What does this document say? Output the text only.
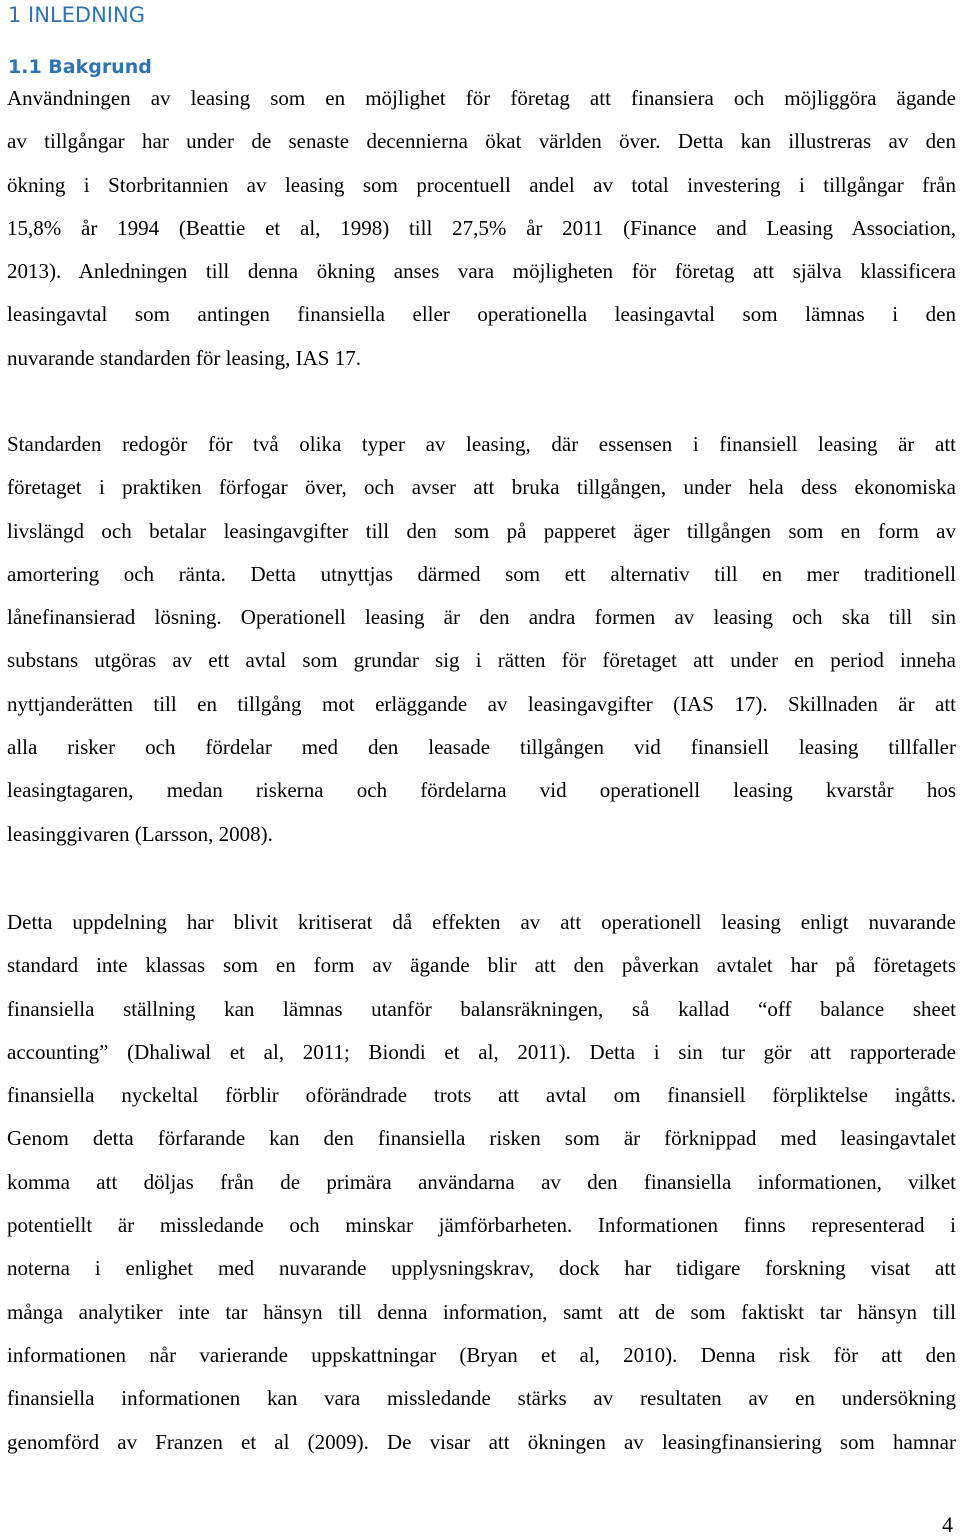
1 INLEDNING
1.1 Bakgrund
Användningen av leasing som en möjlighet för företag att finansiera och möjliggöra ägande
av tillgångar har under de senaste decennierna ökat världen över. Detta kan illustreras av den
ökning i Storbritannien av leasing som procentuell andel av total investering i tillgångar från
15,8% år 1994 (Beattie et al, 1998) till 27,5% år 2011 (Finance and Leasing Association,
2013). Anledningen till denna ökning anses vara möjligheten för företag att själva klassificera
leasingavtal som antingen finansiella eller operationella leasingavtal som lämnas i den
nuvarande standarden för leasing, IAS 17.
Standarden redogör för två olika typer av leasing, där essensen i finansiell leasing är att
företaget i praktiken förfogar över, och avser att bruka tillgången, under hela dess ekonomiska
livslängd och betalar leasingavgifter till den som på papperet äger tillgången som en form av
amortering och ränta. Detta utnyttjas därmed som ett alternativ till en mer traditionell
lånefinansierad lösning. Operationell leasing är den andra formen av leasing och ska till sin
substans utgöras av ett avtal som grundar sig i rätten för företaget att under en period inneha
nyttjanderätten till en tillgång mot erläggande av leasingavgifter (IAS 17). Skillnaden är att
alla risker och fördelar med den leasade tillgången vid finansiell leasing tillfaller
leasingtagaren, medan riskerna och fördelarna vid operationell leasing kvarstår hos
leasinggivaren (Larsson, 2008).
Detta uppdelning har blivit kritiserat då effekten av att operationell leasing enligt nuvarande
standard inte klassas som en form av ägande blir att den påverkan avtalet har på företagets
finansiella ställning kan lämnas utanför balansräkningen, så kallad “off balance sheet
accounting” (Dhaliwal et al, 2011; Biondi et al, 2011). Detta i sin tur gör att rapporterade
finansiella nyckeltal förblir oförändrade trots att avtal om finansiell förpliktelse ingåtts.
Genom detta förfarande kan den finansiella risken som är förknippad med leasingavtalet
komma att döljas från de primära användarna av den finansiella informationen, vilket
potentiellt är missledande och minskar jämförbarheten. Informationen finns representerad i
noterna i enlighet med nuvarande upplysningskrav, dock har tidigare forskning visat att
många analytiker inte tar hänsyn till denna information, samt att de som faktiskt tar hänsyn till
informationen når varierande uppskattningar (Bryan et al, 2010). Denna risk för att den
finansiella informationen kan vara missledande stärks av resultaten av en undersökning
genomförd av Franzen et al (2009). De visar att ökningen av leasingfinansiering som hamnar
4
